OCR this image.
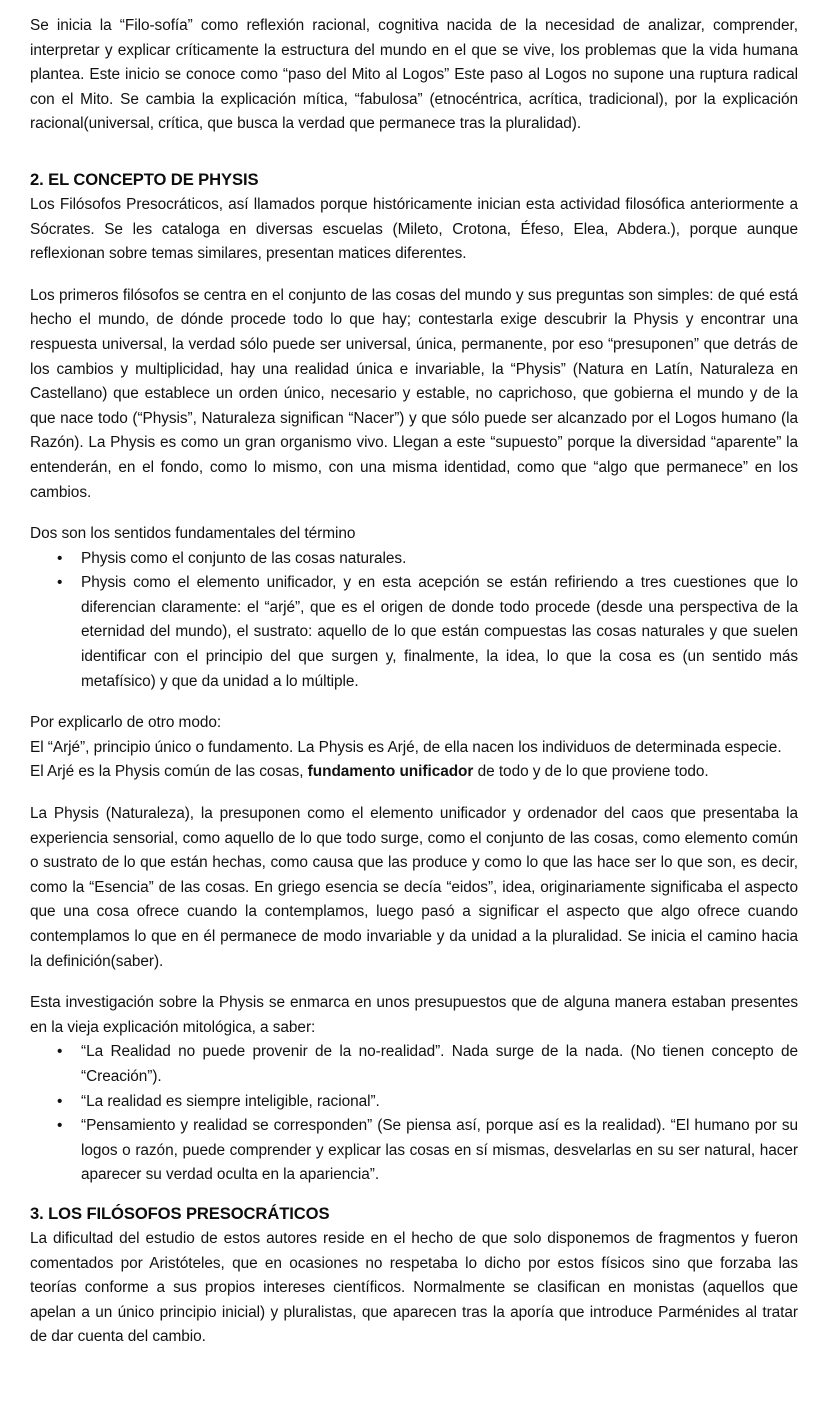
Se inicia la “Filo-sofía” como reflexión racional, cognitiva nacida de la necesidad de analizar, comprender, interpretar y explicar críticamente la estructura del mundo en el que se vive, los problemas que la vida humana plantea. Este inicio se conoce como “paso del Mito al Logos” Este paso al Logos no supone una ruptura radical con el Mito. Se cambia la explicación mítica, “fabulosa” (etnocéntrica, acrítica, tradicional), por la explicación racional(universal, crítica, que busca la verdad que permanece tras la pluralidad).

2. EL CONCEPTO DE PHYSIS

Los Filósofos Presocráticos, así llamados porque históricamente inician esta actividad filosófica anteriormente a Sócrates. Se les cataloga en diversas escuelas (Mileto, Crotona, Éfeso, Elea, Abdera.), porque aunque reflexionan sobre temas similares, presentan matices diferentes.

Los primeros filósofos se centra en el conjunto de las cosas del mundo y sus preguntas son simples: de qué está hecho el mundo, de dónde procede todo lo que hay; contestarla exige descubrir la Physis y encontrar una respuesta universal, la verdad sólo puede ser universal, única, permanente, por eso “presuponen” que detrás de los cambios y multiplicidad, hay una realidad única e invariable, la “Physis” (Natura en Latín, Naturaleza en Castellano) que establece un orden único, necesario y estable, no caprichoso, que gobierna el mundo y de la que nace todo (“Physis”, Naturaleza significan “Nacer”) y que sólo puede ser alcanzado por el Logos humano (la Razón). La Physis es como un gran organismo vivo. Llegan a este “supuesto” porque la diversidad “aparente” la entenderán, en el fondo, como lo mismo, con una misma identidad, como que “algo que permanece” en los cambios.

Dos son los sentidos fundamentales del término

• Physis como el conjunto de las cosas naturales.
• Physis como el elemento unificador, y en esta acepción se están refiriendo a tres cuestiones que lo diferencian claramente: el “arjé”, que es el origen de donde todo procede (desde una perspectiva de la eternidad del mundo), el sustrato: aquello de lo que están compuestas las cosas naturales y que suelen identificar con el principio del que surgen y, finalmente, la idea, lo que la cosa es (un sentido más metafísico) y que da unidad a lo múltiple.

Por explicarlo de otro modo:

El “Arjé”, principio único o fundamento. La Physis es Arjé, de ella nacen los individuos de determinada especie.

El Arjé es la Physis común de las cosas, fundamento unificador de todo y de lo que proviene todo.

La Physis (Naturaleza), la presuponen como el elemento unificador y ordenador del caos que presentaba la experiencia sensorial, como aquello de lo que todo surge, como el conjunto de las cosas, como elemento común o sustrato de lo que están hechas, como causa que las produce y como lo que las hace ser lo que son, es decir, como la “Esencia” de las cosas. En griego esencia se decía “eidos”, idea, originariamente significaba el aspecto que una cosa ofrece cuando la contemplamos, luego pasó a significar el aspecto que algo ofrece cuando contemplamos lo que en él permanece de modo invariable y da unidad a la pluralidad. Se inicia el camino hacia la definición(saber).

Esta investigación sobre la Physis se enmarca en unos presupuestos que de alguna manera estaban presentes en la vieja explicación mitológica, a saber:

• “La Realidad no puede provenir de la no-realidad”. Nada surge de la nada. (No tienen concepto de “Creación”).
• “La realidad es siempre inteligible, racional”.
• “Pensamiento y realidad se corresponden” (Se piensa así, porque así es la realidad). “El humano por su logos o razón, puede comprender y explicar las cosas en sí mismas, desvelarlas en su ser natural, hacer aparecer su verdad oculta en la apariencia”.
3. LOS FILÓSOFOS PRESOCRÁTICOS

La dificultad del estudio de estos autores reside en el hecho de que solo disponemos de fragmentos y fueron comentados por Aristóteles, que en ocasiones no respetaba lo dicho por estos físicos sino que forzaba las teorías conforme a sus propios intereses científicos. Normalmente se clasifican en monistas (aquellos que apelan a un único principio inicial) y pluralistas, que aparecen tras la aporía que introduce Parménides al tratar de dar cuenta del cambio.
